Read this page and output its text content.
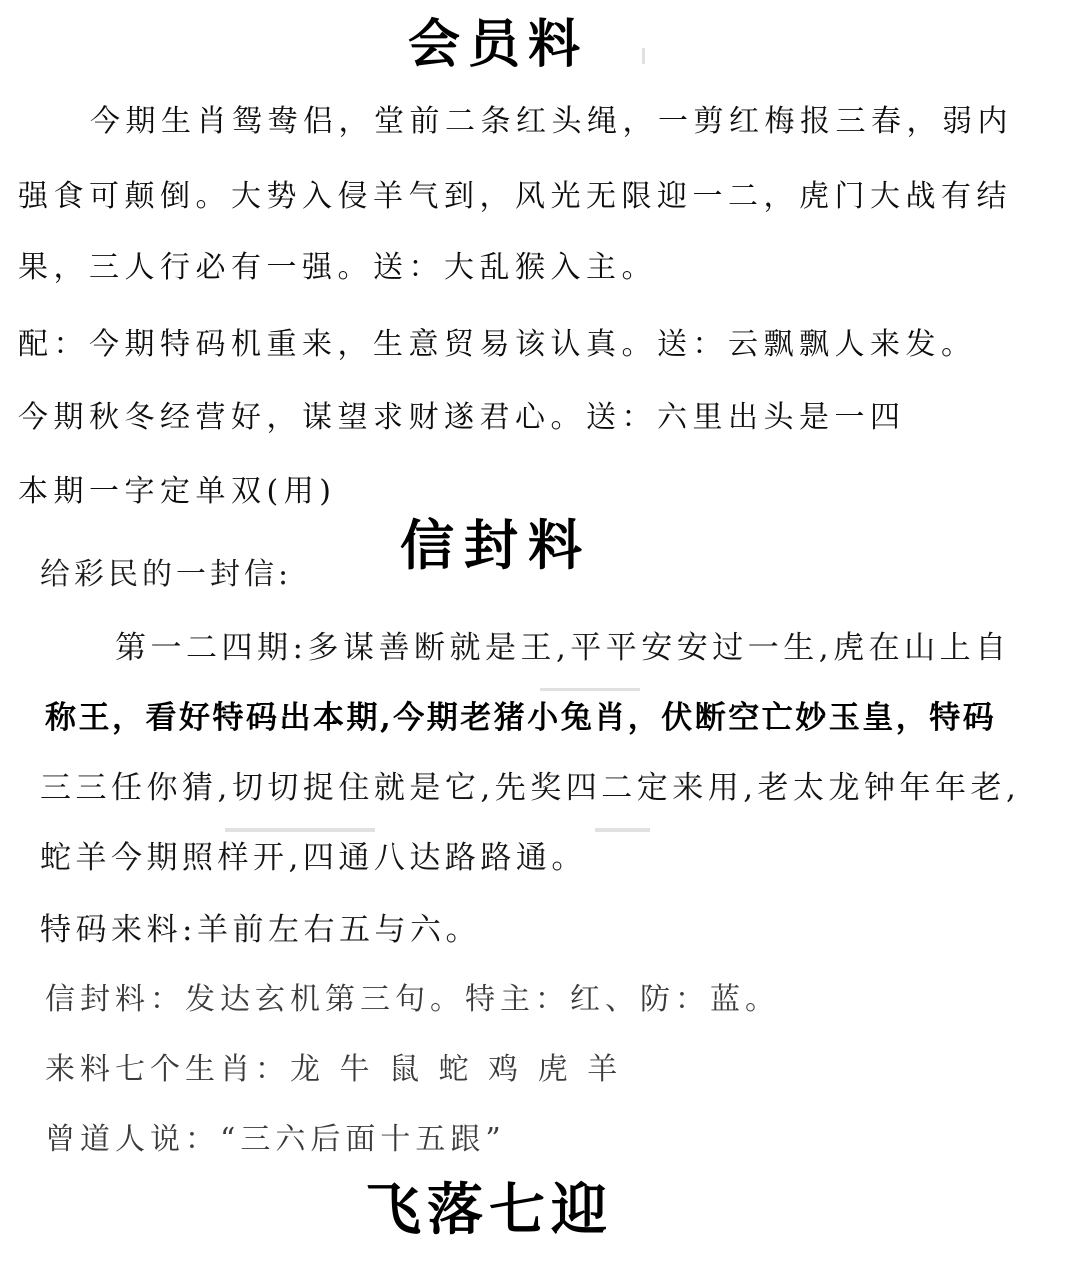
会员料
今期生肖鸳鸯侣，堂前二条红头绳，一剪红梅报三春，弱内
强食可颠倒。大势入侵羊气到，风光无限迎一二，虎门大战有结
果，三人行必有一强。送：大乱猴入主。
配：今期特码机重来，生意贸易该认真。送：云飘飘人来发。
今期秋冬经营好，谋望求财遂君心。送：六里出头是一四
本期一字定单双(用)
信封料
给彩民的一封信:
第一二四期:多谋善断就是王,平平安安过一生,虎在山上自
称王，看好特码出本期,今期老猪小兔肖，伏断空亡妙玉皇，特码
三三任你猜,切切捉住就是它,先奖四二定来用,老太龙钟年年老,
蛇羊今期照样开,四通八达路路通。
特码来料:羊前左右五与六。
信封料：发达玄机第三句。特主：红、防：蓝。
来料七个生肖：龙 牛 鼠 蛇 鸡 虎 羊
曾道人说：“三六后面十五跟”
飞落七迎
